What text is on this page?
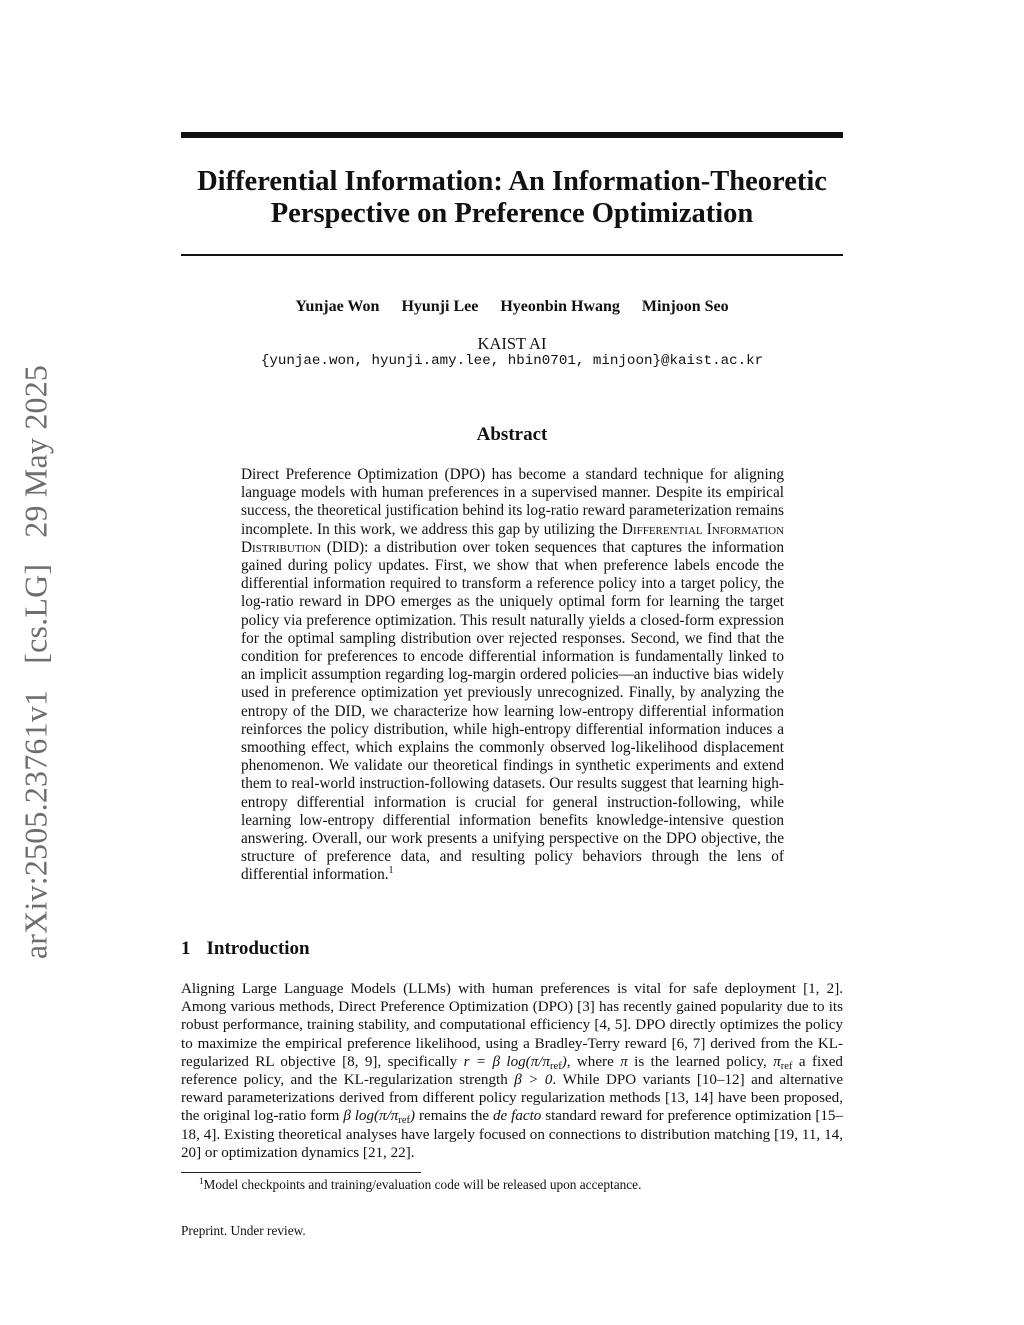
arXiv:2505.23761v1[cs.LG]29 May 2025
Differential Information: An Information-Theoretic
Perspective on Preference Optimization
Yunjae Won Hyunji Lee Hyeonbin Hwang Minjoon Seo
KAIST AI
{yunjae.won, hyunji.amy.lee, hbin0701, minjoon}@kaist.ac.kr
Abstract

Direct Preference Optimization (DPO) has become a standard technique for aligning language models with human preferences in a supervised manner. Despite its empirical success, the theoretical justification behind its log-ratio reward parameterization remains incomplete. In this work, we address this gap by utilizing the Differential Information Distribution (DID): a distribution over token sequences that captures the information gained during policy updates. First, we show that when preference labels encode the differential information required to transform a reference policy into a target policy, the log-ratio reward in DPO emerges as the uniquely optimal form for learning the target policy via preference optimization. This result naturally yields a closed-form expression for the optimal sampling distribution over rejected responses. Second, we find that the condition for preferences to encode differential information is fundamentally linked to an implicit assumption regarding log-margin ordered policies—an inductive bias widely used in preference optimization yet previously unrecognized. Finally, by analyzing the entropy of the DID, we characterize how learning low-entropy differential information reinforces the policy distribution, while high-entropy differential information induces a smoothing effect, which explains the commonly observed log-likelihood displacement phenomenon. We validate our theoretical findings in synthetic experiments and extend them to real-world instruction-following datasets. Our results suggest that learning high-entropy differential information is crucial for general instruction-following, while learning low-entropy differential information benefits knowledge-intensive question answering. Overall, our work presents a unifying perspective on the DPO objective, the structure of preference data, and resulting policy behaviors through the lens of differential information.$^1$

1 Introduction

Aligning Large Language Models (LLMs) with human preferences is vital for safe deployment [1, 2]. Among various methods, Direct Preference Optimization (DPO) [3] has recently gained popularity due to its robust performance, training stability, and computational efficiency [4, 5]. DPO directly optimizes the policy to maximize the empirical preference likelihood, using a Bradley-Terry reward [6, 7] derived from the KL-regularized RL objective [8, 9], specifically r = β $\log(\pi/\pi_{ref})$, where π is the learned policy, $\pi_{ref}$ a fixed reference policy, and the KL-regularization strength β > 0. While DPO variants [10–12] and alternative reward parameterizations derived from different policy regularization methods [13, 14] have been proposed, the original log-ratio form β $\log(\pi/\pi_{ref})$ remains the de facto standard reward for preference optimization [15–18, 4]. Existing theoretical analyses have largely focused on connections to distribution matching [19, 11, 14, 20] or optimization dynamics [21, 22].

$^1$Model checkpoints and training/evaluation code will be released upon acceptance.
Preprint. Under review.
